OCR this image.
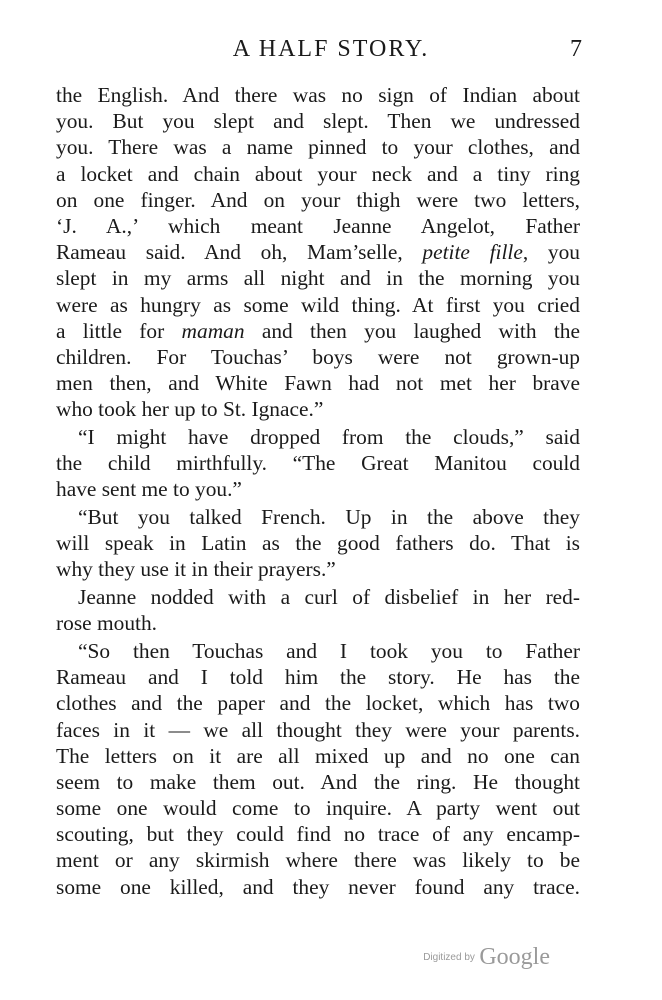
A HALF STORY.	7
the English. And there was no sign of Indian about
you. But you slept and slept. Then we undressed
you. There was a name pinned to your clothes, and
a locket and chain about your neck and a tiny ring
on one finger. And on your thigh were two letters,
‘J. A.,’ which meant Jeanne Angelot, Father
Rameau said. And oh, Mam’selle, petite fille, you
slept in my arms all night and in the morning you
were as hungry as some wild thing. At first you cried
a little for maman and then you laughed with the
children. For Touchas’ boys were not grown-up
men then, and White Fawn had not met her brave
who took her up to St. Ignace.”
“I might have dropped from the clouds,” said
the child mirthfully. “The Great Manitou could
have sent me to you.”
“But you talked French. Up in the above they
will speak in Latin as the good fathers do. That is
why they use it in their prayers.”
Jeanne nodded with a curl of disbelief in her red-
rose mouth.
“So then Touchas and I took you to Father
Rameau and I told him the story. He has the
clothes and the paper and the locket, which has two
faces in it — we all thought they were your parents.
The letters on it are all mixed up and no one can
seem to make them out. And the ring. He thought
some one would come to inquire. A party went out
scouting, but they could find no trace of any encamp-
ment or any skirmish where there was likely to be
some one killed, and they never found any trace.
Digitized by Google
